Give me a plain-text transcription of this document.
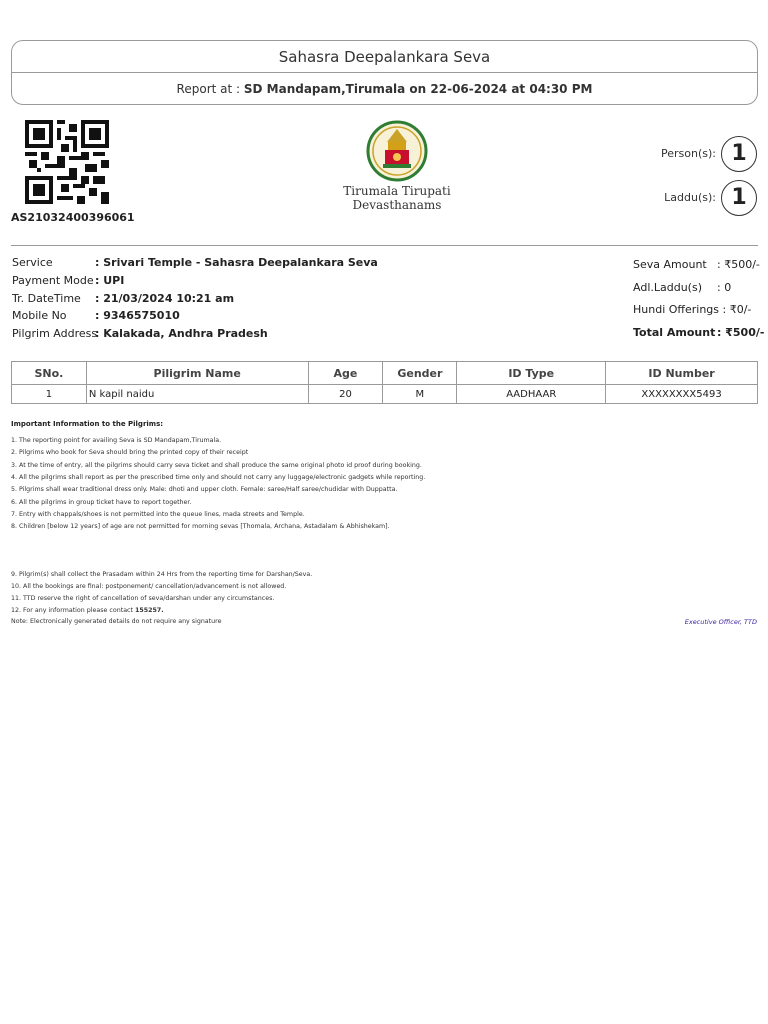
Sahasra Deepalankara Seva
Report at : SD Mandapam,Tirumala on 22-06-2024 at 04:30 PM
AS21032400396061
Tirumala Tirupati Devasthanams
Person(s): 1
Laddu(s): 1
Service	: Srivari Temple - Sahasra Deepalankara Seva
Payment Mode: UPI
Tr. DateTime : 21/03/2024 10:21 am
Mobile No	: 9346575010
Pilgrim Address: Kalakada, Andhra Pradesh
Seva Amount : ₹500/-
Adl.Laddu(s) : 0
Hundi Offerings : ₹0/-
Total Amount : ₹500/-
SNo.	Piligrim Name	Age	Gender	ID Type	ID Number
1	N kapil naidu	20	M	AADHAAR	XXXXXXXX5493
Important Information to the Pilgrims:
1. The reporting point for availing Seva is SD Mandapam,Tirumala.
2. Pilgrims who book for Seva should bring the printed copy of their receipt
3. At the time of entry, all the pilgrims should carry seva ticket and shall produce the same original photo id proof during booking.
4. All the pilgrims shall report as per the prescribed time only and should not carry any luggage/electronic gadgets while reporting.
5. Pilgrims shall wear traditional dress only. Male: dhoti and upper cloth. Female: saree/Half saree/chudidar with Duppatta.
6. All the pilgrims in group ticket have to report together.
7. Entry with chappals/shoes is not permitted into the queue lines, mada streets and Temple.
8. Children [below 12 years] of age are not permitted for morning sevas [Thomala, Archana, Astadalam & Abhishekam].
9. Pilgrim(s) shall collect the Prasadam within 24 Hrs from the reporting time for Darshan/Seva.
10. All the bookings are final: postponement/ cancellation/advancement is not allowed.
11. TTD reserve the right of cancellation of seva/darshan under any circumstances.
12. For any information please contact 155257.
Note: Electronically generated details do not require any signature	Executive Officer, TTD
